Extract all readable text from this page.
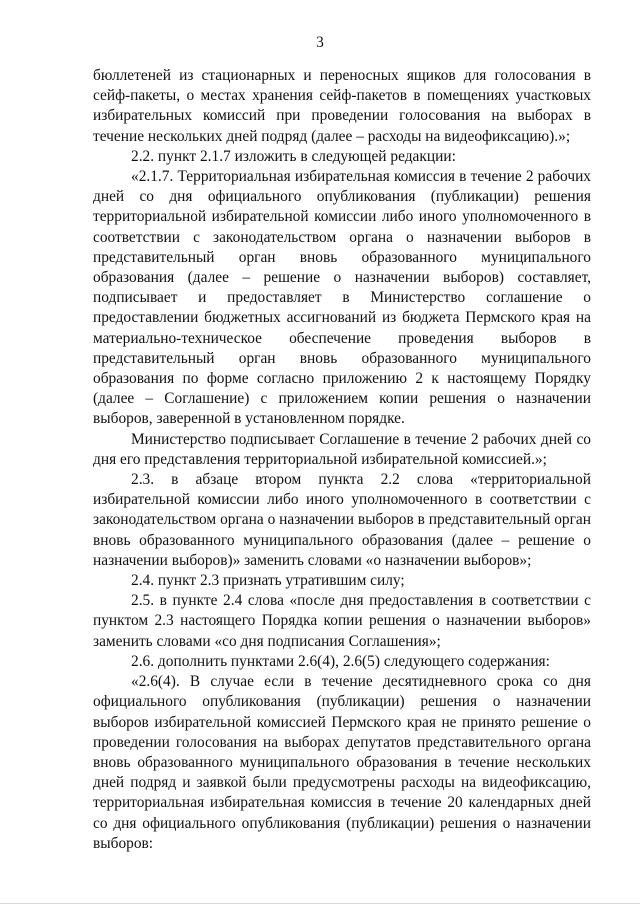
3

бюллетеней из стационарных и переносных ящиков для голосования в сейф-пакеты, о местах хранения сейф-пакетов в помещениях участковых избирательных комиссий при проведении голосования на выборах в течение нескольких дней подряд (далее – расходы на видеофиксацию).»;

2.2. пункт 2.1.7 изложить в следующей редакции:

«2.1.7. Территориальная избирательная комиссия в течение 2 рабочих дней со дня официального опубликования (публикации) решения территориальной избирательной комиссии либо иного уполномоченного в соответствии с законодательством органа о назначении выборов в представительный орган вновь образованного муниципального образования (далее – решение о назначении выборов) составляет, подписывает и предоставляет в Министерство соглашение о предоставлении бюджетных ассигнований из бюджета Пермского края на материально-техническое обеспечение проведения выборов в представительный орган вновь образованного муниципального образования по форме согласно приложению 2 к настоящему Порядку (далее – Соглашение) с приложением копии решения о назначении выборов, заверенной в установленном порядке.

Министерство подписывает Соглашение в течение 2 рабочих дней со дня его представления территориальной избирательной комиссией.»;

2.3. в абзаце втором пункта 2.2 слова «территориальной избирательной комиссии либо иного уполномоченного в соответствии с законодательством органа о назначении выборов в представительный орган вновь образованного муниципального образования (далее – решение о назначении выборов)» заменить словами «о назначении выборов»;

2.4. пункт 2.3 признать утратившим силу;

2.5. в пункте 2.4 слова «после дня предоставления в соответствии с пунктом 2.3 настоящего Порядка копии решения о назначении выборов» заменить словами «со дня подписания Соглашения»;

2.6. дополнить пунктами 2.6(4), 2.6(5) следующего содержания:

«2.6(4). В случае если в течение десятидневного срока со дня официального опубликования (публикации) решения о назначении выборов избирательной комиссией Пермского края не принято решение о проведении голосования на выборах депутатов представительного органа вновь образованного муниципального образования в течение нескольких дней подряд и заявкой были предусмотрены расходы на видеофиксацию, территориальная избирательная комиссия в течение 20 календарных дней со дня официального опубликования (публикации) решения о назначении выборов:
